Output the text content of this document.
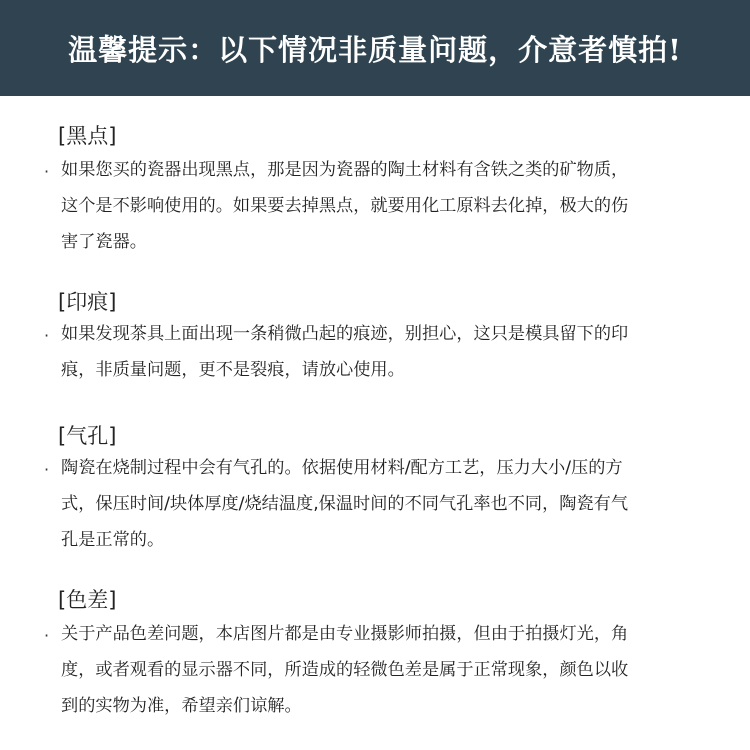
温馨提示：以下情况非质量问题，介意者慎拍!
[黑点]
· 如果您买的瓷器出现黑点，那是因为瓷器的陶土材料有含铁之类的矿物质，
这个是不影响使用的。如果要去掉黑点，就要用化工原料去化掉，极大的伤
害了瓷器。
[印痕]
· 如果发现茶具上面出现一条稍微凸起的痕迹，别担心，这只是模具留下的印
痕，非质量问题，更不是裂痕，请放心使用。
[气孔]
· 陶瓷在烧制过程中会有气孔的。依据使用材料/配方工艺，压力大小/压的方
式，保压时间/块体厚度/烧结温度,保温时间的不同气孔率也不同，陶瓷有气
孔是正常的。
[色差]
· 关于产品色差问题，本店图片都是由专业摄影师拍摄，但由于拍摄灯光，角
度，或者观看的显示器不同，所造成的轻微色差是属于正常现象，颜色以收
到的实物为准，希望亲们谅解。
